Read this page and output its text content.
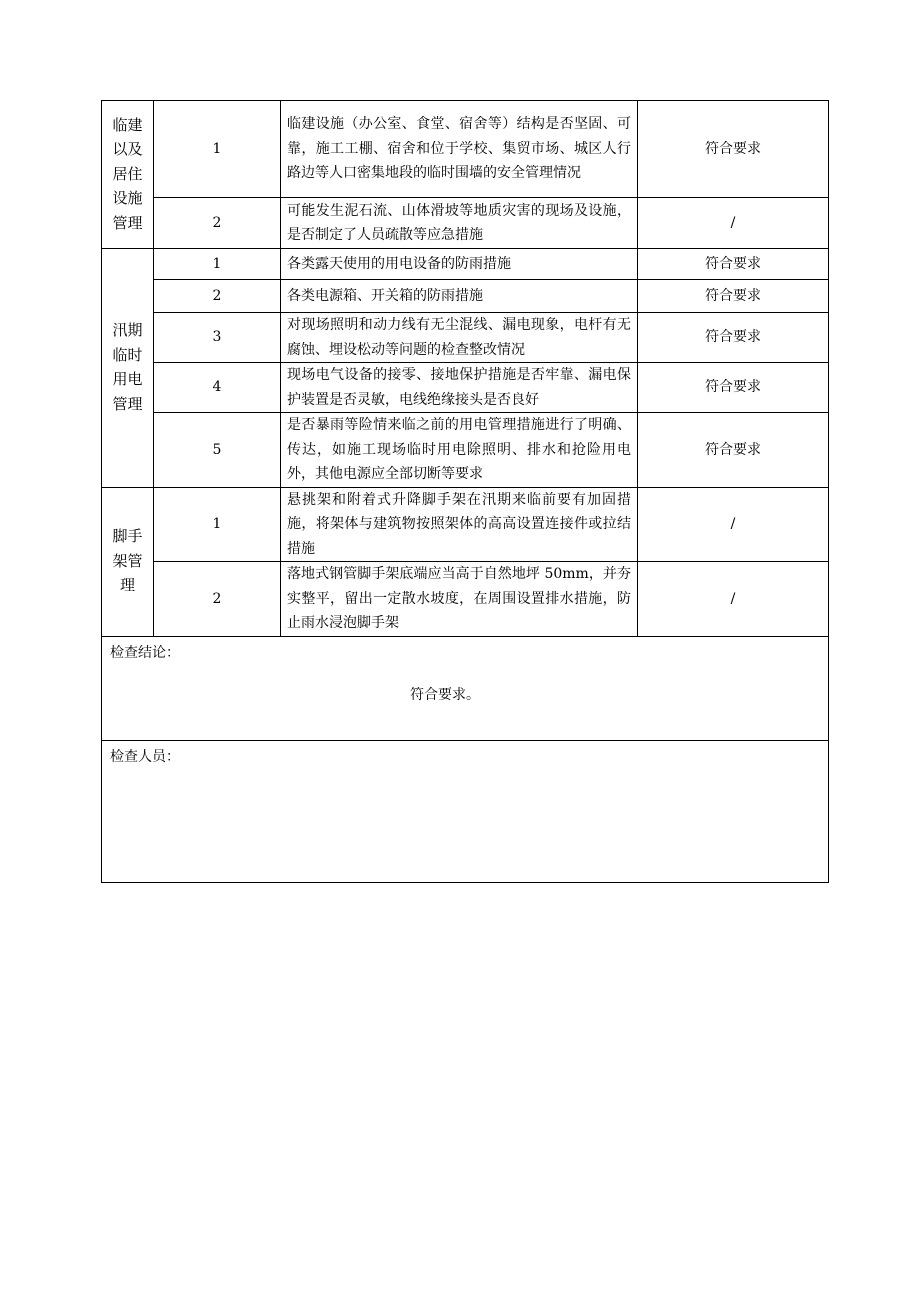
临建以及居住设施管理	1	临建设施（办公室、食堂、宿舍等）结构是否坚固、可靠，施工工棚、宿舍和位于学校、集贸市场、城区人行路边等人口密集地段的临时围墙的安全管理情况	符合要求
	2	可能发生泥石流、山体滑坡等地质灾害的现场及设施，是否制定了人员疏散等应急措施	/
汛期临时用电管理	1	各类露天使用的用电设备的防雨措施	符合要求
	2	各类电源箱、开关箱的防雨措施	符合要求
	3	对现场照明和动力线有无尘混线、漏电现象，电杆有无腐蚀、埋设松动等问题的检查整改情况	符合要求
	4	现场电气设备的接零、接地保护措施是否牢靠、漏电保护装置是否灵敏，电线绝缘接头是否良好	符合要求
	5	是否暴雨等险情来临之前的用电管理措施进行了明确、传达，如施工现场临时用电除照明、排水和抢险用电外，其他电源应全部切断等要求	符合要求
脚手架管理	1	悬挑架和附着式升降脚手架在汛期来临前要有加固措施，将架体与建筑物按照架体的高高设置连接件或拉结措施	/
	2	落地式钢管脚手架底端应当高于自然地坪 50mm，并夯实整平，留出一定散水坡度，在周围设置排水措施，防止雨水浸泡脚手架	/
检查结论：
符合要求。			

检查人员：			
